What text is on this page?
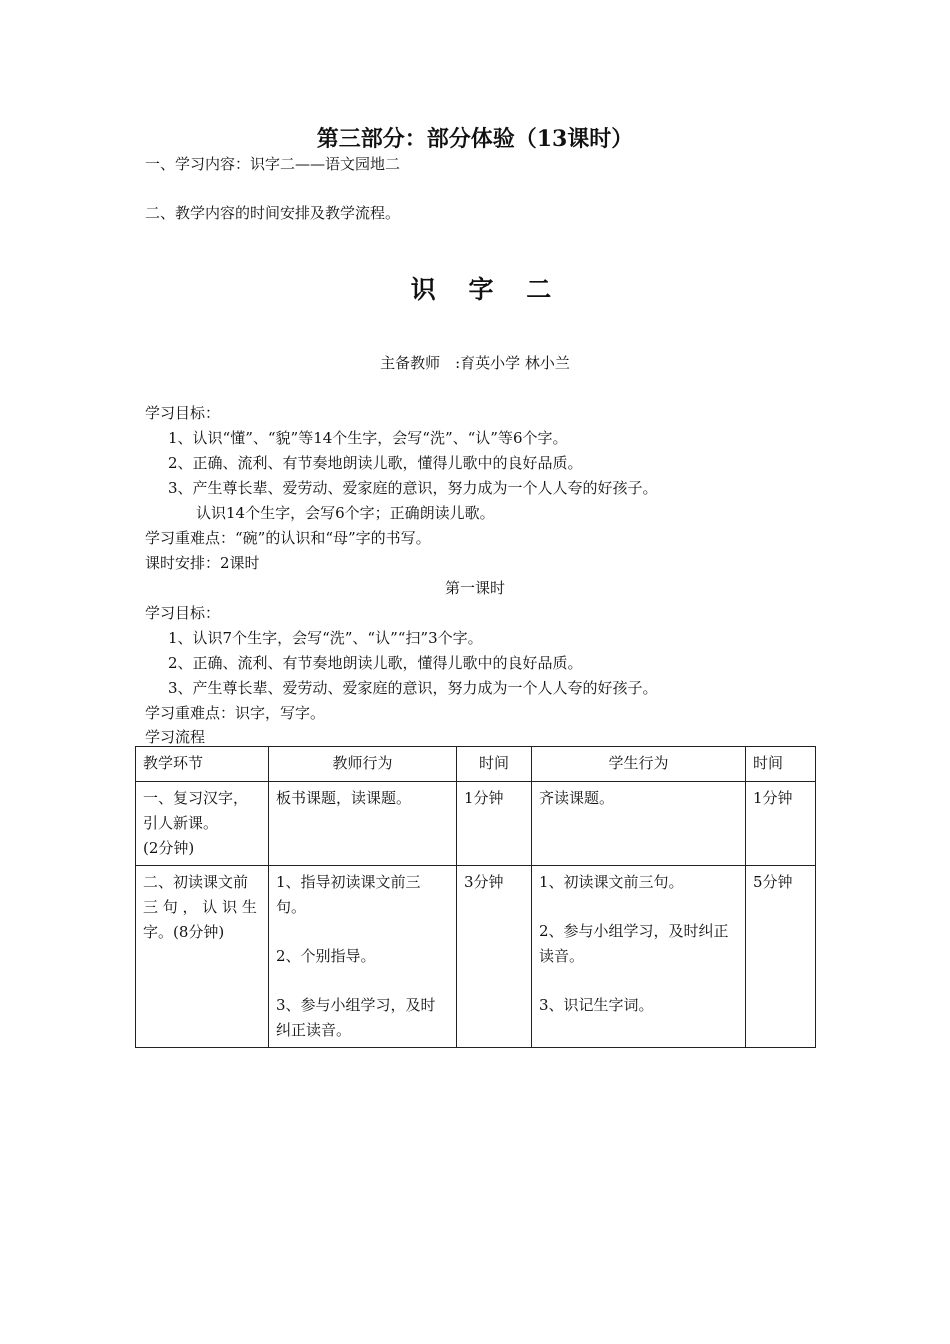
第三部分：部分体验（13课时）
一、学习内容：识字二——语文园地二
二、教学内容的时间安排及教学流程。
识 字 二
主备教师　:育英小学 林小兰
学习目标：
1、认识“懂”、“貌”等14个生字，会写“洗”、“认”等6个字。
2、正确、流利、有节奏地朗读儿歌，懂得儿歌中的良好品质。
3、产生尊长辈、爱劳动、爱家庭的意识，努力成为一个人人夸的好孩子。
认识14个生字，会写6个字；正确朗读儿歌。
学习重难点：“碗”的认识和“母”字的书写。
课时安排：2课时
第一课时
学习目标：
1、认识7个生字，会写“洗”、“认”“扫”3个字。
2、正确、流利、有节奏地朗读儿歌，懂得儿歌中的良好品质。
3、产生尊长辈、爱劳动、爱家庭的意识，努力成为一个人人夸的好孩子。
学习重难点：识字，写字。
学习流程
教学环节	教师行为	时间	学生行为	时间

一、复习汉字，
引人新课。
(2分钟)	板书课题，读课题。	1分钟	齐读课题。	1分钟

二、初读课文前
三 句 ， 认 识 生
字。(8分钟)	1、指导初读课文前三句。
2、个别指导。
3、参与小组学习，及时纠正读音。	3分钟	1、初读课文前三句。
2、参与小组学习，及时纠正读音。
3、识记生字词。	5分钟
